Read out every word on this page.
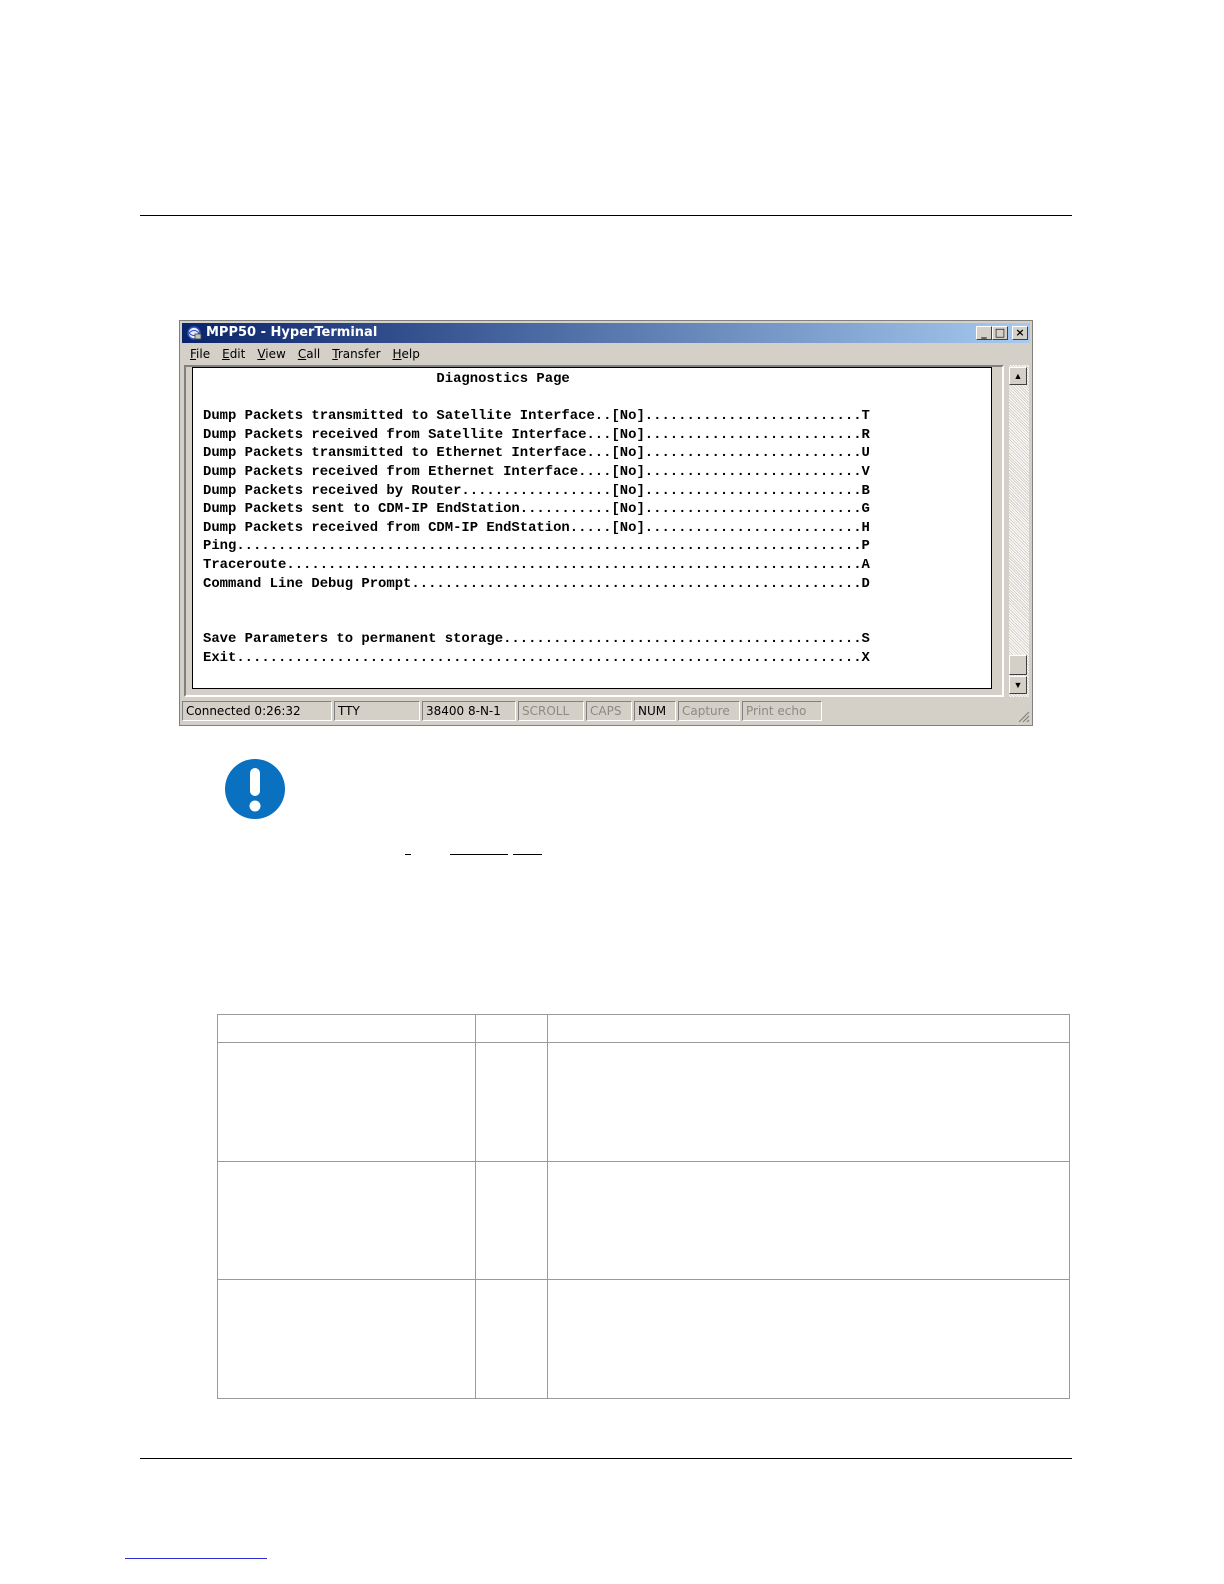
MPP50 - HyperTerminal	_ □ ×
File	Edit	View	Call	Transfer	Help
Diagnostics Page
Dump Packets transmitted to Satellite Interface..[No]..........................T
Dump Packets received from Satellite Interface...[No]..........................R
Dump Packets transmitted to Ethernet Interface...[No]..........................U
Dump Packets received from Ethernet Interface....[No]..........................V
Dump Packets received by Router..................[No]..........................B
Dump Packets sent to CDM-IP EndStation...........[No]..........................G
Dump Packets received from CDM-IP EndStation.....[No]..........................H
Ping...........................................................................P
Traceroute.....................................................................A
Command Line Debug Prompt......................................................D
Save Parameters to permanent storage...........................................S
Exit...........................................................................X
▲
▼
Connected 0:26:32	TTY	38400 8-N-1	SCROLL	CAPS	NUM	Capture	Print echo
